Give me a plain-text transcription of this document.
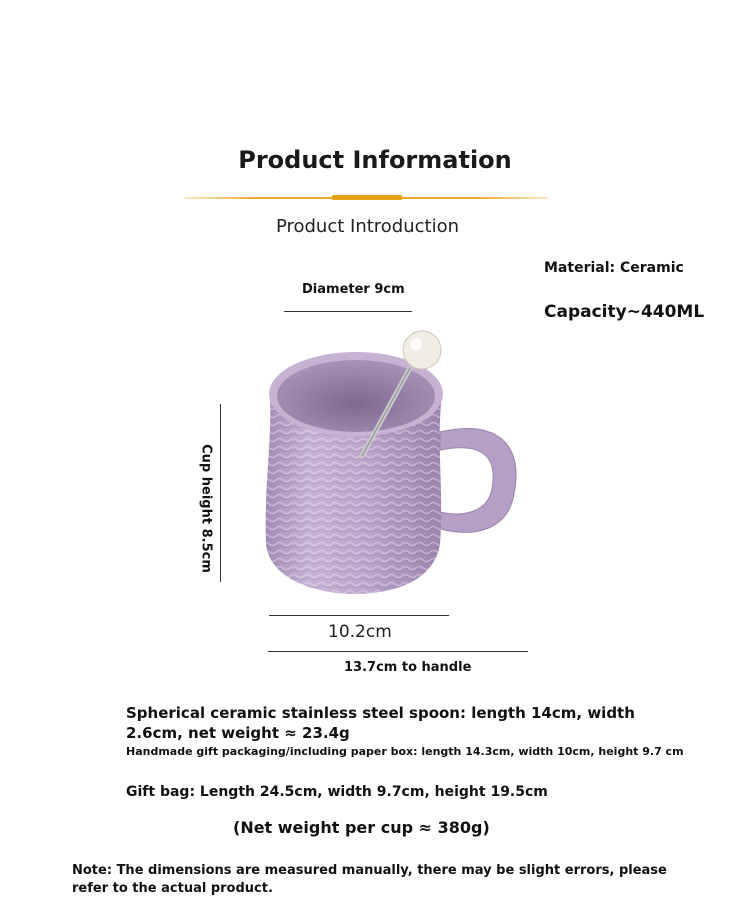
Product Information
Product Introduction
Material: Ceramic
Capacity~440ML
Diameter 9cm
Cup height 8.5cm
10.2cm
13.7cm to handle
Spherical ceramic stainless steel spoon: length 14cm, width 2.6cm, net weight ≈ 23.4g
Handmade gift packaging/including paper box: length 14.3cm, width 10cm, height 9.7 cm
Gift bag: Length 24.5cm, width 9.7cm, height 19.5cm
(Net weight per cup ≈ 380g)
Note: The dimensions are measured manually, there may be slight errors, please refer to the actual product.
